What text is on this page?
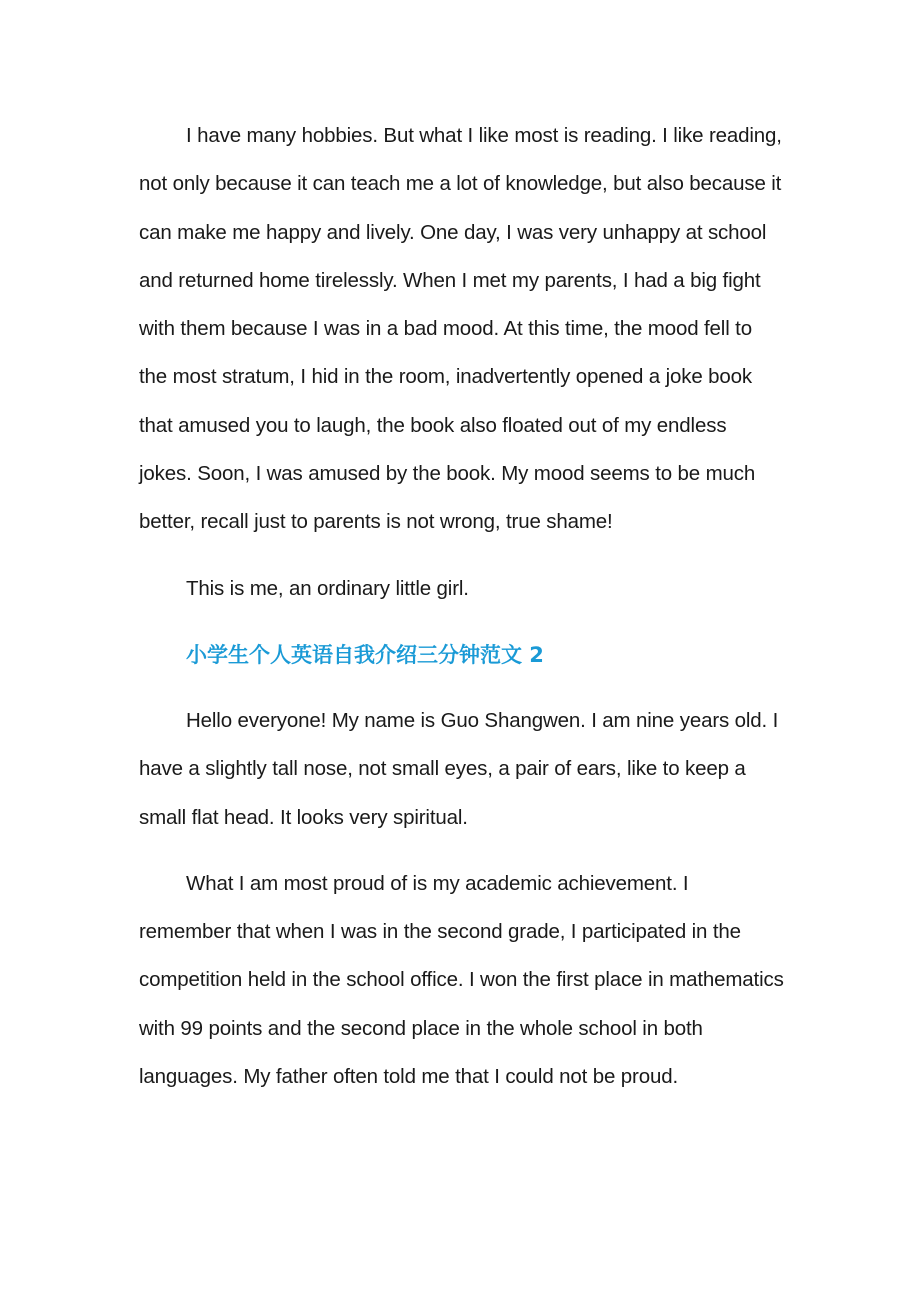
I have many hobbies. But what I like most is reading. I like reading, not only because it can teach me a lot of knowledge, but also because it can make me happy and lively. One day, I was very unhappy at school and returned home tirelessly. When I met my parents, I had a big fight with them because I was in a bad mood. At this time, the mood fell to the most stratum, I hid in the room, inadvertently opened a joke book that amused you to laugh, the book also floated out of my endless jokes. Soon, I was amused by the book. My mood seems to be much better, recall just to parents is not wrong, true shame!

This is me, an ordinary little girl.

小学生个人英语自我介绍三分钟范文 2

Hello everyone! My name is Guo Shangwen. I am nine years old. I have a slightly tall nose, not small eyes, a pair of ears, like to keep a small flat head. It looks very spiritual.

What I am most proud of is my academic achievement. I remember that when I was in the second grade, I participated in the competition held in the school office. I won the first place in mathematics with 99 points and the second place in the whole school in both languages. My father often told me that I could not be proud.
